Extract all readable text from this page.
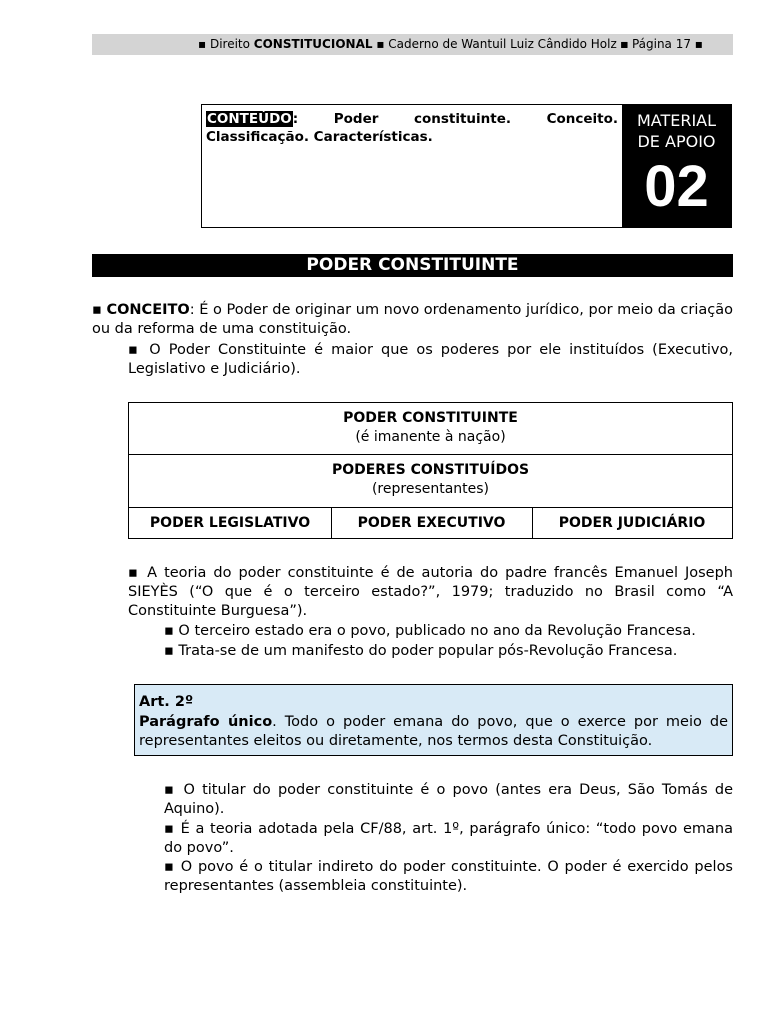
▪ Direito CONSTITUCIONAL ▪ Caderno de Wantuil Luiz Cândido Holz ▪
▪ Página 17 ▪
CONTEÚDO: Poder constituinte. Conceito. Classificação. Características.
MATERIAL
DE APOIO
02
PODER CONSTITUINTE
▪ CONCEITO: É o Poder de originar um novo ordenamento jurídico, por meio da criação ou da reforma de uma constituição.
▪ O Poder Constituinte é maior que os poderes por ele instituídos (Executivo, Legislativo e Judiciário).
PODER CONSTITUINTE
(é imanente à nação)
PODERES CONSTITUÍDOS
(representantes)
PODER LEGISLATIVO	PODER EXECUTIVO	PODER JUDICIÁRIO
▪ A teoria do poder constituinte é de autoria do padre francês Emanuel Joseph SIEYÈS (“O que é o terceiro estado?”, 1979; traduzido no Brasil como “A Constituinte Burguesa”).
▪ O terceiro estado era o povo, publicado no ano da Revolução Francesa.
▪ Trata-se de um manifesto do poder popular pós-Revolução Francesa.
Art. 2º
Parágrafo único. Todo o poder emana do povo, que o exerce por meio de representantes eleitos ou diretamente, nos termos desta Constituição.
▪ O titular do poder constituinte é o povo (antes era Deus, São Tomás de Aquino).
▪ É a teoria adotada pela CF/88, art. 1º, parágrafo único: “todo povo emana do povo”.
▪ O povo é o titular indireto do poder constituinte. O poder é exercido pelos representantes (assembleia constituinte).
